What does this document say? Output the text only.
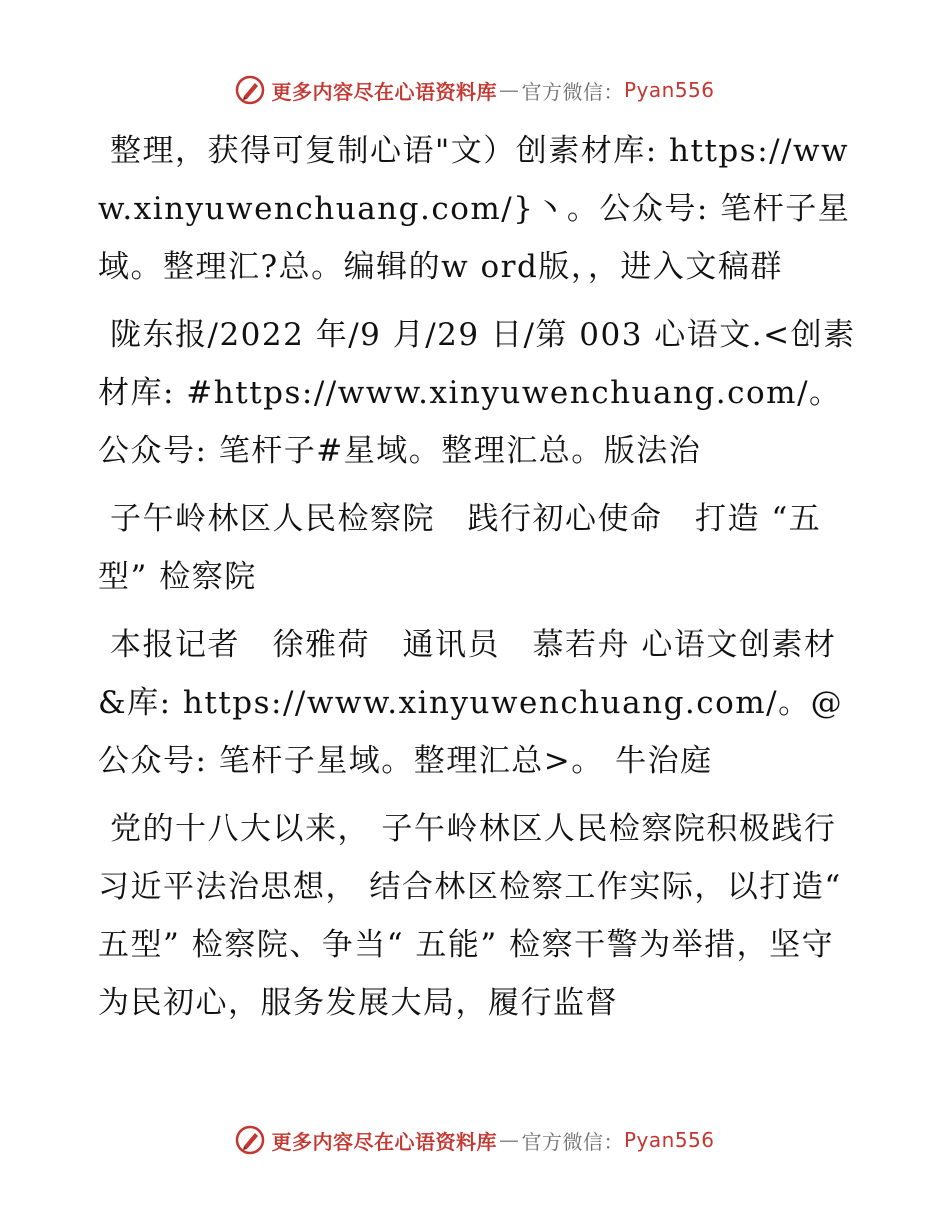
更多内容尽在心语资料库 — 官方微信： Pyan556

整理，获得可复制心语"文）创素材库: https://www.xinyuwenchuang.com/}丶。公众号: 笔杆子星域。整理汇?总。编辑的w ord版，，进入文稿群

陇东报/2022 年/9 月/29 日/第 003 心语文.<创素材库: #https://www.xinyuwenchuang.com/。公众号: 笔杆子#星域。整理汇总。版法治

子午岭林区人民检察院　践行初心使命　打造 “五型” 检察院

本报记者　徐雅荷　通讯员　慕若舟 心语文创素材&库: https://www.xinyuwenchuang.com/。@公众号: 笔杆子星域。整理汇总>。 牛治庭

党的十八大以来， 子午岭林区人民检察院积极践行习近平法治思想， 结合林区检察工作实际，以打造“ 五型” 检察院、争当“ 五能” 检察干警为举措，坚守为民初心，服务发展大局，履行监督

更多内容尽在心语资料库 — 官方微信： Pyan556
